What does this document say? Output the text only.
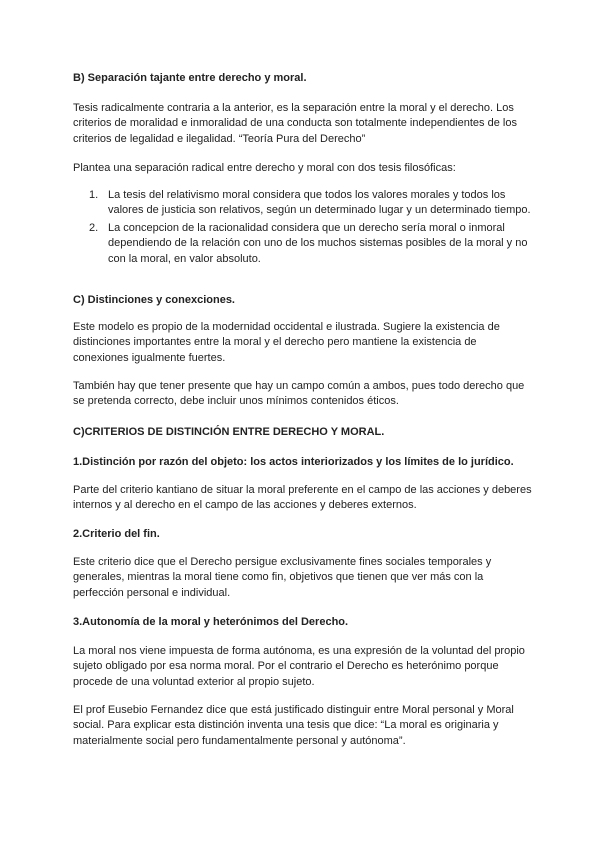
B) Separación tajante entre derecho y moral.
Tesis radicalmente contraria a la anterior, es la separación entre la moral y el derecho. Los criterios de moralidad e inmoralidad de una conducta son totalmente independientes de los criterios de legalidad e ilegalidad. “Teoría Pura del Derecho”
Plantea una separación radical entre derecho y moral con dos tesis filosóficas:
1. La tesis del relativismo moral considera que todos los valores morales y todos los valores de justicia son relativos, según un determinado lugar y un determinado tiempo.
2. La concepcion de la racionalidad considera que un derecho sería moral o inmoral dependiendo de la relación con uno de los muchos sistemas posibles de la moral y no con la moral, en valor absoluto.
C) Distinciones y conexciones.
Este modelo es propio de la modernidad occidental e ilustrada. Sugiere la existencia de distinciones importantes entre la moral y el derecho pero mantiene la existencia de conexiones igualmente fuertes.
También hay que tener presente que hay un campo común a ambos, pues todo derecho que se pretenda correcto, debe incluir unos mínimos contenidos éticos.
C)CRITERIOS DE DISTINCIÓN ENTRE DERECHO Y MORAL.
1.Distinción por razón del objeto: los actos interiorizados y los límites de lo jurídico.
Parte del criterio kantiano de situar la moral preferente en el campo de las acciones y deberes internos y al derecho en el campo de las acciones y deberes externos.
2.Criterio del fin.
Este criterio dice que el Derecho persigue exclusivamente fines sociales temporales y generales, mientras la moral tiene como fin, objetivos que tienen que ver más con la perfección personal e individual.
3.Autonomía de la moral y heterónimos del Derecho.
La moral nos viene impuesta de forma autónoma, es una expresión de la voluntad del propio sujeto obligado por esa norma moral. Por el contrario el Derecho es heterónimo porque procede de una voluntad exterior al propio sujeto.
El prof Eusebio Fernandez dice que está justificado distinguir entre Moral personal y Moral social. Para explicar esta distinción inventa una tesis que dice: “La moral es originaria y materialmente social pero fundamentalmente personal y autónoma”.
